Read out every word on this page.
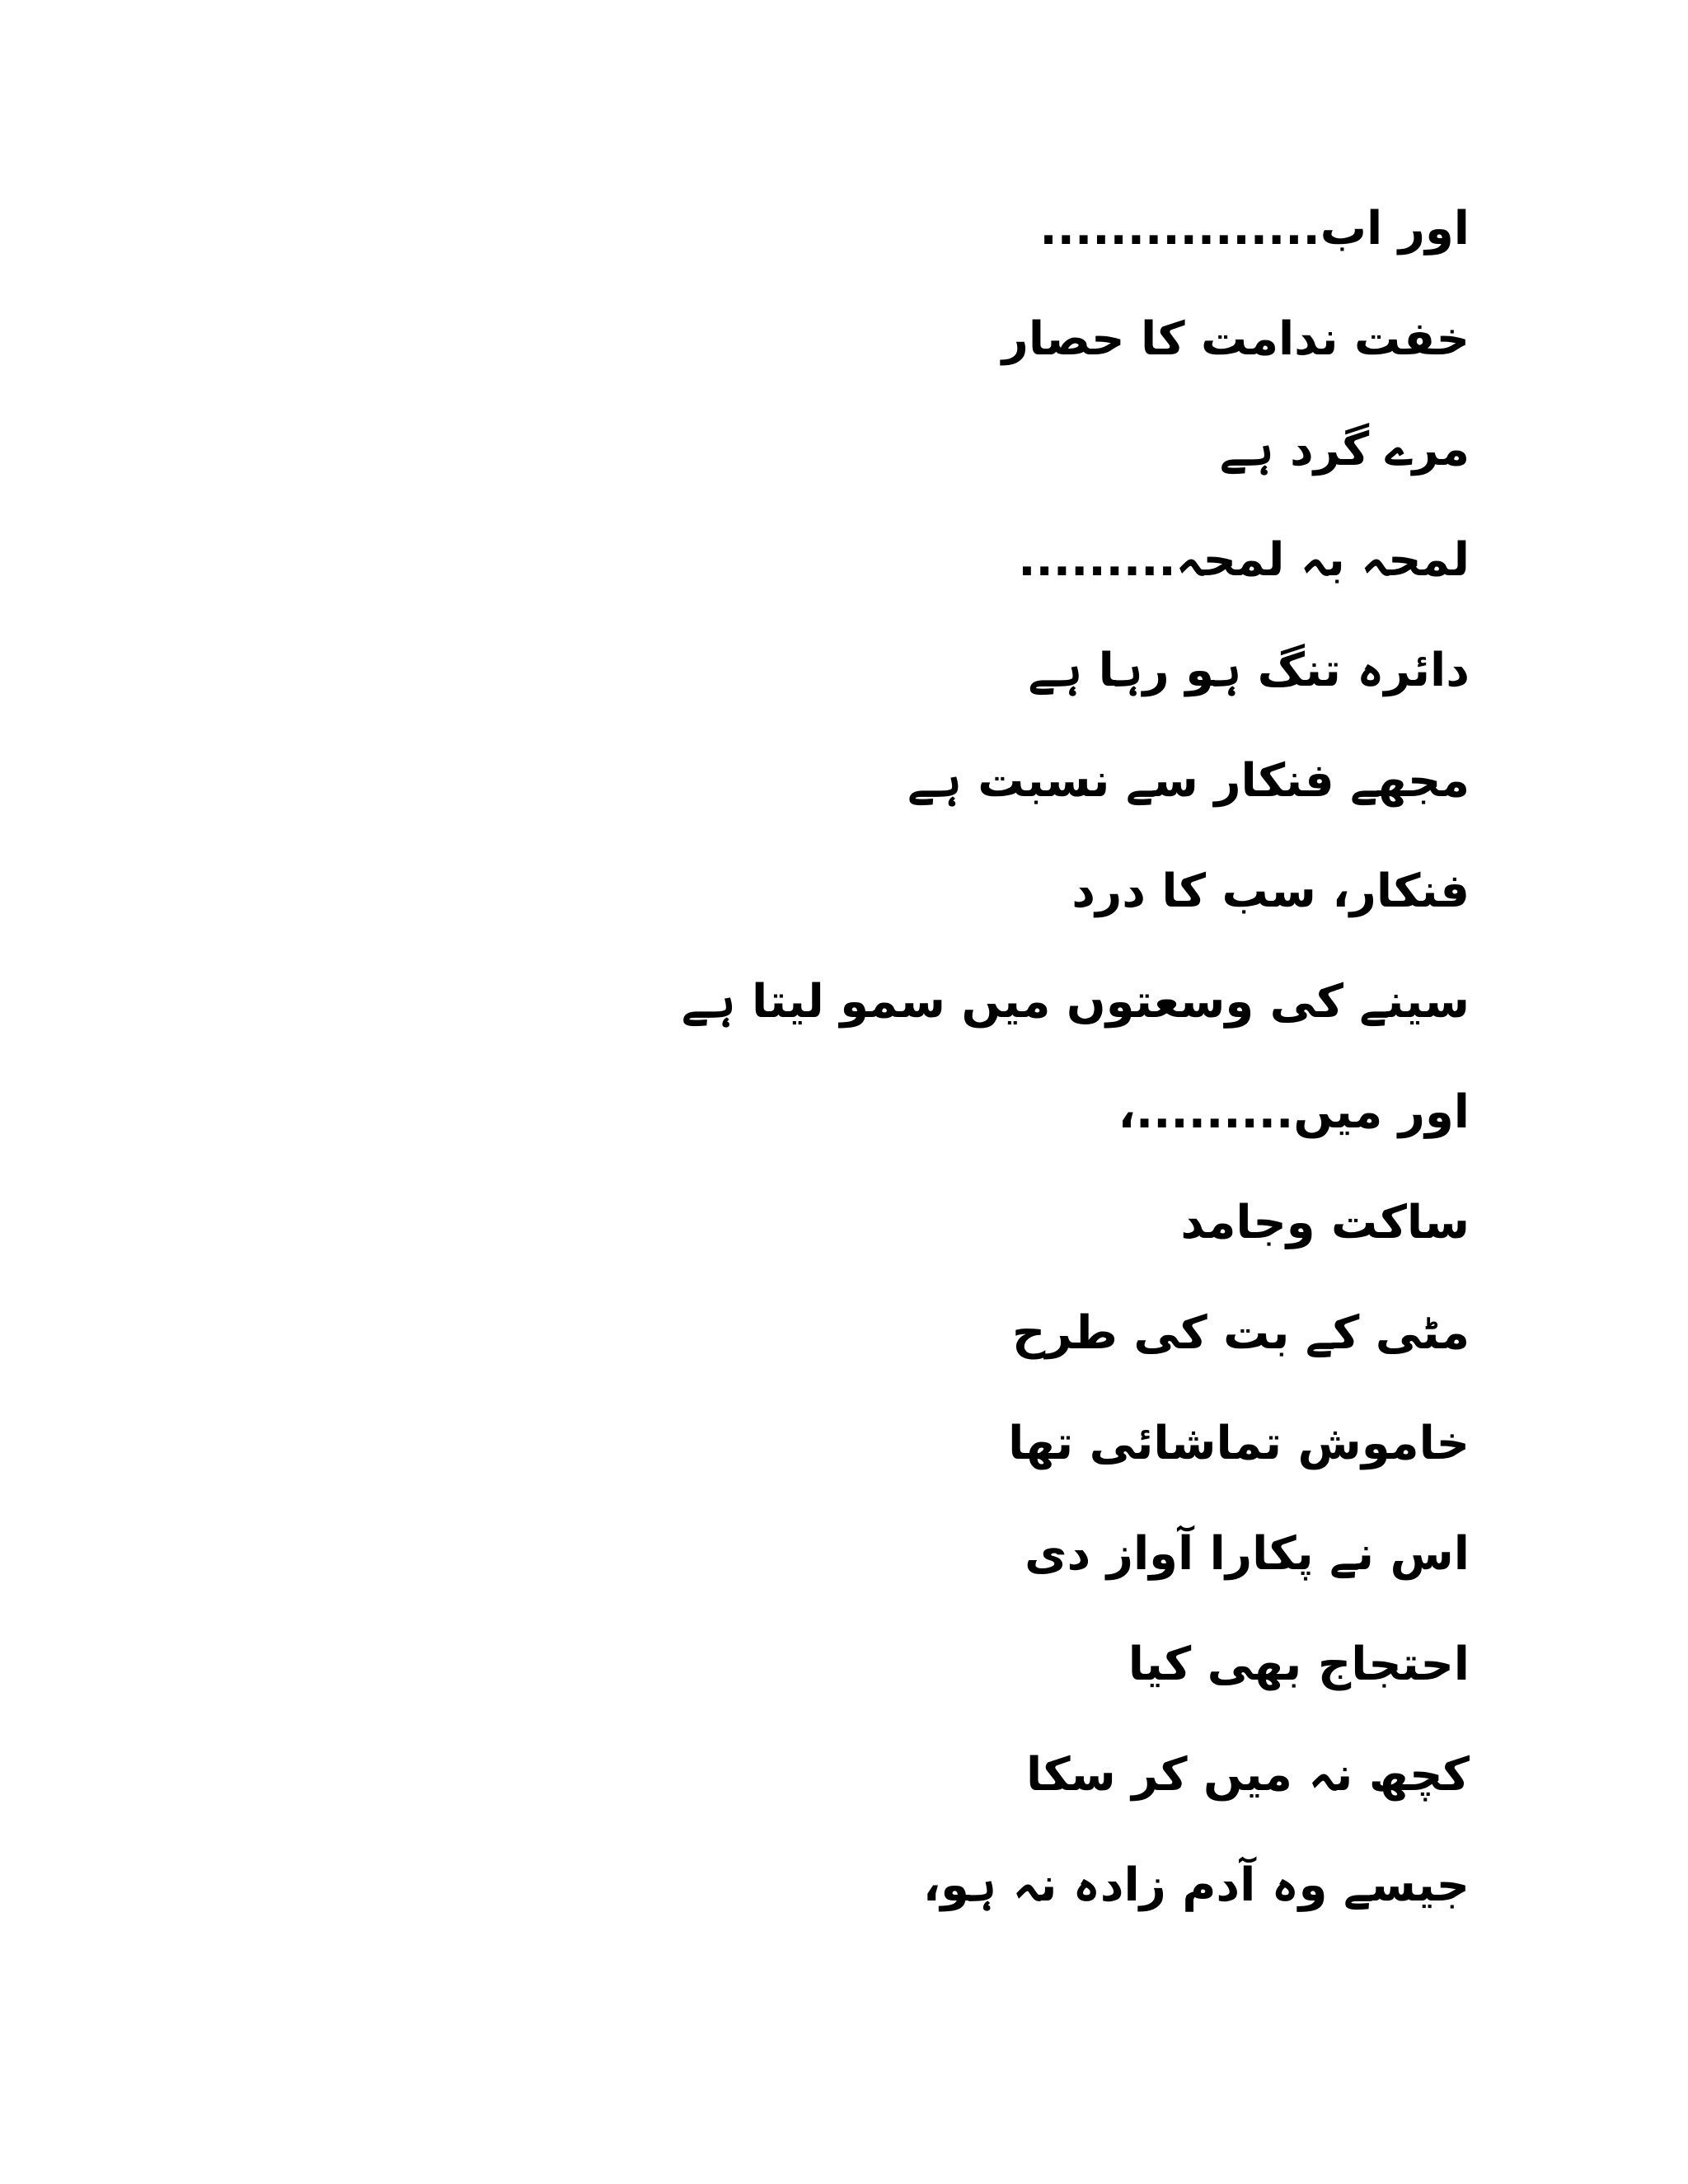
اور اب................
خفت ندامت کا حصار
مرے گرد ہے
لمحہ بہ لمحہ.........
دائرہ تنگ ہو رہا ہے
مجھے فنکار سے نسبت ہے
فنکار، سب کا درد
سینے کی وسعتوں میں سمو لیتا ہے
اور میں.........،
ساکت وجامد
مٹی کے بت کی طرح
خاموش تماشائی تھا
اس نے پکارا آواز دی
احتجاج بھی کیا
کچھ نہ میں کر سکا
جیسے وہ آدم زادہ نہ ہو،
